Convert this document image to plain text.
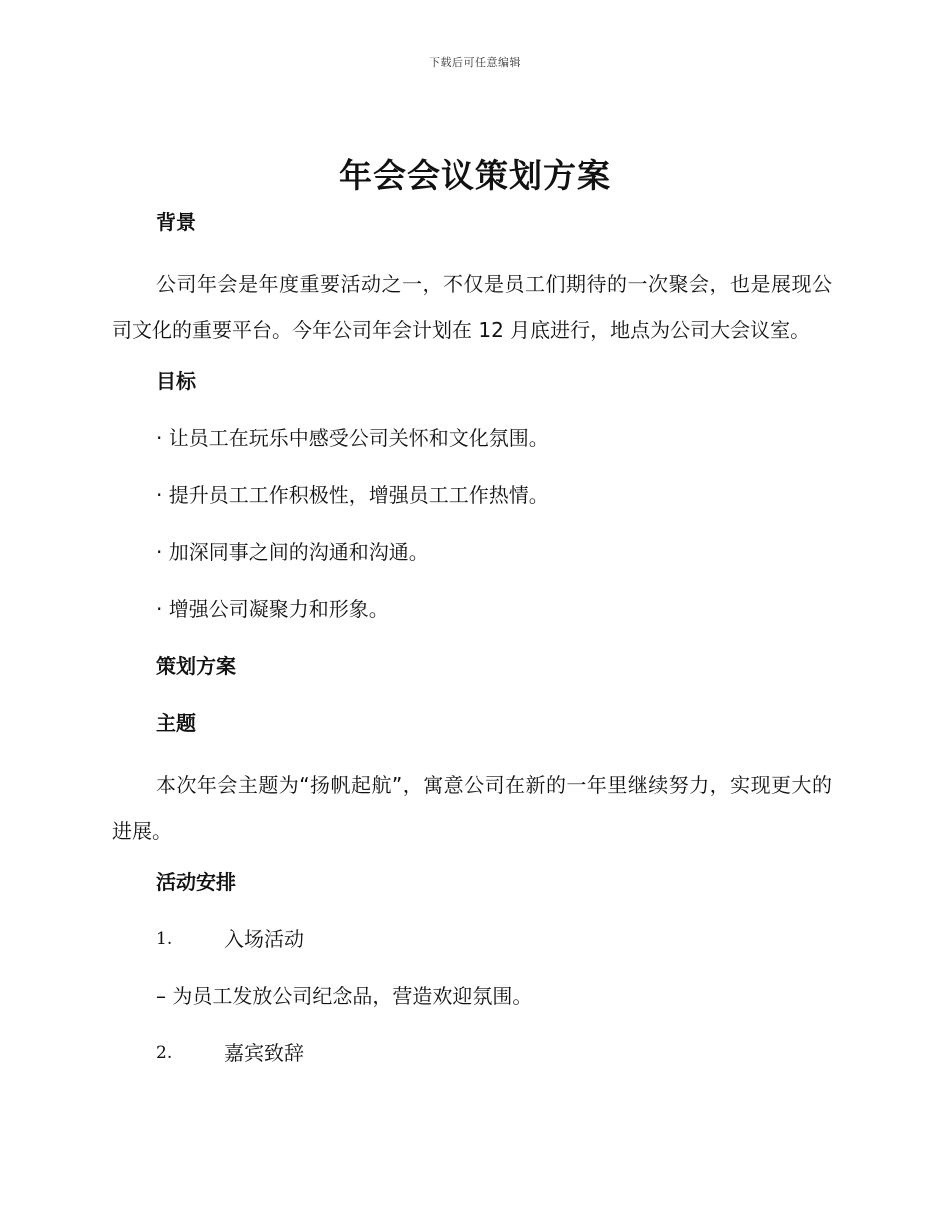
下载后可任意编辑
年会会议策划方案
背景
公司年会是年度重要活动之一，不仅是员工们期待的一次聚会，也是展现公司文化的重要平台。今年公司年会计划在 12 月底进行，地点为公司大会议室。
目标
· 让员工在玩乐中感受公司关怀和文化氛围。
· 提升员工工作积极性，增强员工工作热情。
· 加深同事之间的沟通和沟通。
· 增强公司凝聚力和形象。
策划方案
主题
本次年会主题为“扬帆起航”，寓意公司在新的一年里继续努力，实现更大的进展。
活动安排
1.	入场活动
– 为员工发放公司纪念品，营造欢迎氛围。
2.	嘉宾致辞
